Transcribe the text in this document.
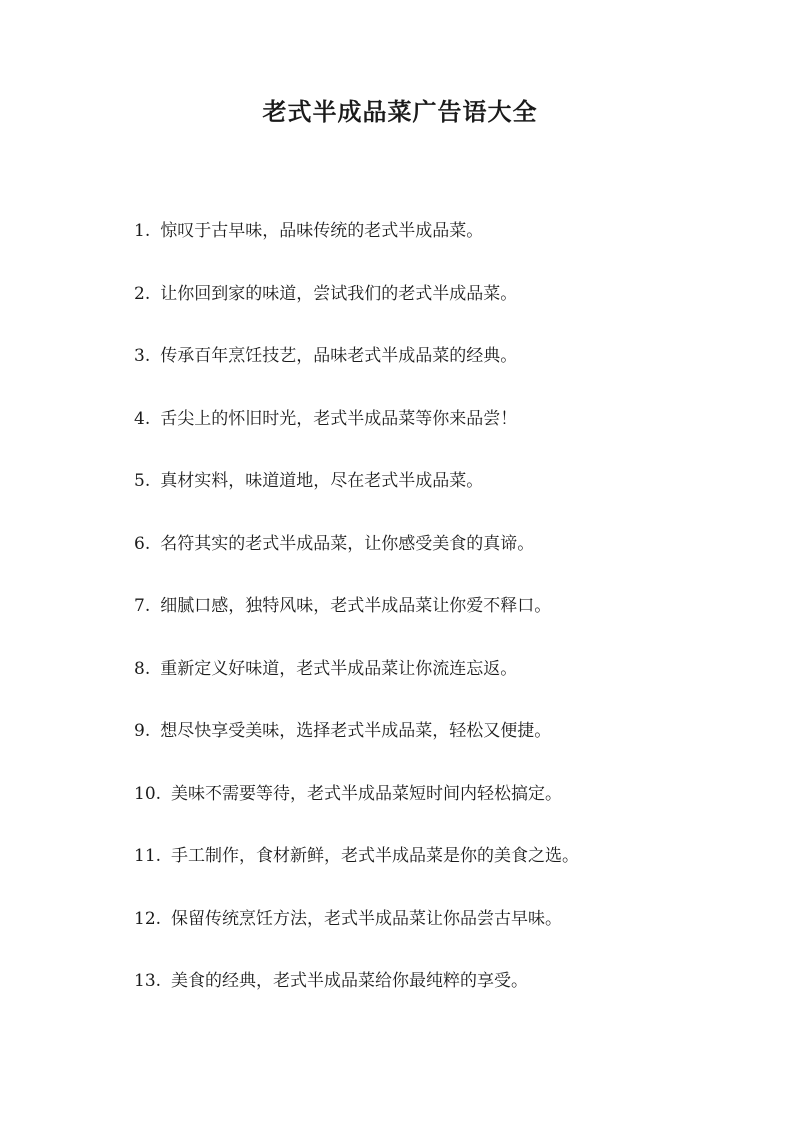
老式半成品菜广告语大全
1. 惊叹于古早味，品味传统的老式半成品菜。
2. 让你回到家的味道，尝试我们的老式半成品菜。
3. 传承百年烹饪技艺，品味老式半成品菜的经典。
4. 舌尖上的怀旧时光，老式半成品菜等你来品尝！
5. 真材实料，味道道地，尽在老式半成品菜。
6. 名符其实的老式半成品菜，让你感受美食的真谛。
7. 细腻口感，独特风味，老式半成品菜让你爱不释口。
8. 重新定义好味道，老式半成品菜让你流连忘返。
9. 想尽快享受美味，选择老式半成品菜，轻松又便捷。
10. 美味不需要等待，老式半成品菜短时间内轻松搞定。
11. 手工制作，食材新鲜，老式半成品菜是你的美食之选。
12. 保留传统烹饪方法，老式半成品菜让你品尝古早味。
13. 美食的经典，老式半成品菜给你最纯粹的享受。
